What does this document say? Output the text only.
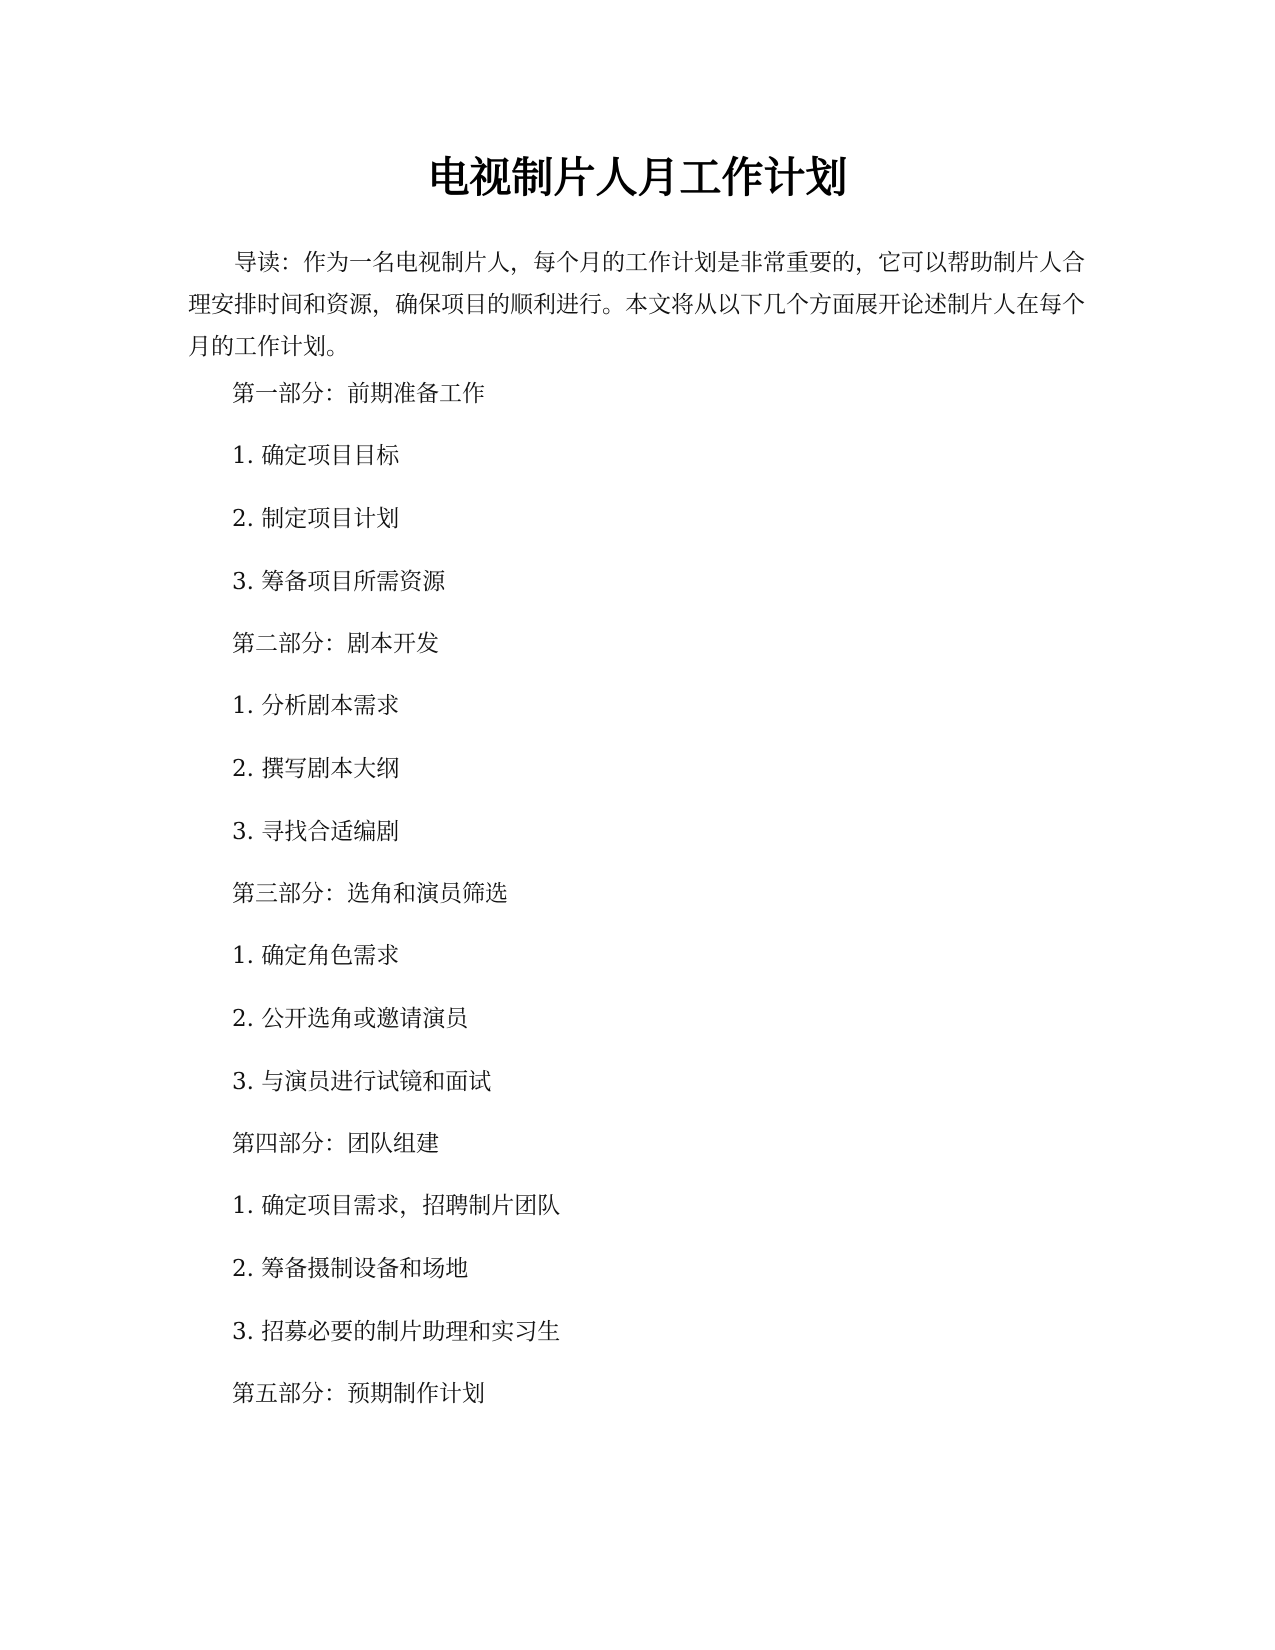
电视制片人月工作计划

导读：作为一名电视制片人，每个月的工作计划是非常重要的，它可以帮助制片人合理安排时间和资源，确保项目的顺利进行。本文将从以下几个方面展开论述制片人在每个月的工作计划。

第一部分：前期准备工作

1. 确定项目目标

2. 制定项目计划

3. 筹备项目所需资源

第二部分：剧本开发

1. 分析剧本需求

2. 撰写剧本大纲

3. 寻找合适编剧

第三部分：选角和演员筛选

1. 确定角色需求

2. 公开选角或邀请演员

3. 与演员进行试镜和面试

第四部分：团队组建

1. 确定项目需求，招聘制片团队

2. 筹备摄制设备和场地

3. 招募必要的制片助理和实习生

第五部分：预期制作计划
